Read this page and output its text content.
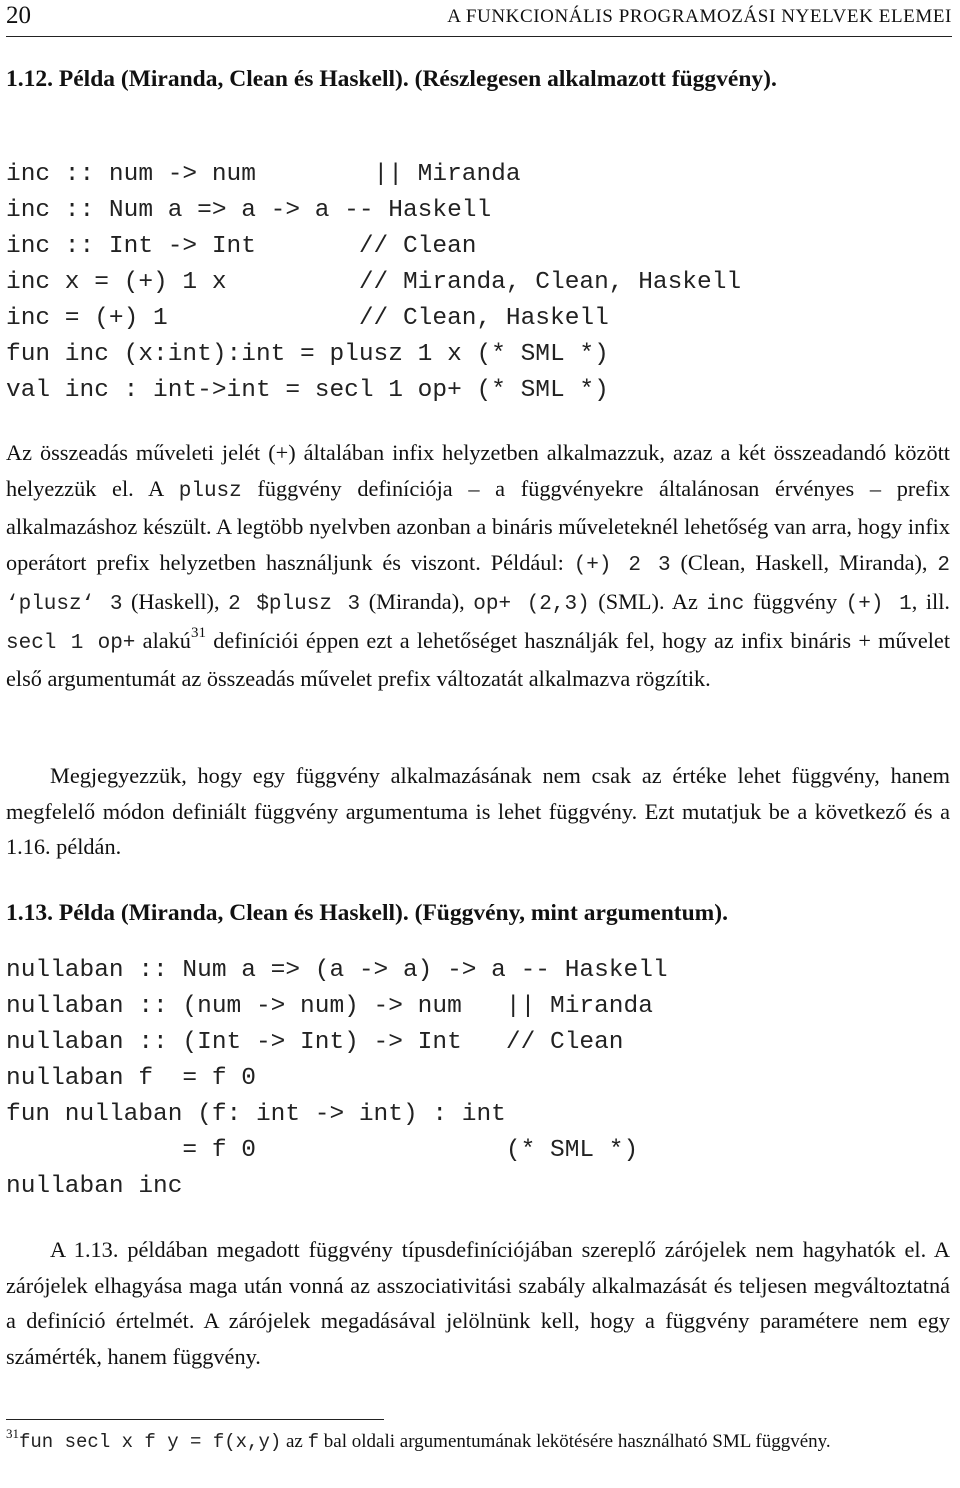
20	A FUNKCIONÁLIS PROGRAMOZÁSI NYELVEK ELEMEI
1.12. Példa (Miranda, Clean és Haskell). (Részlegesen alkalmazott függvény).
inc :: num -> num        || Miranda
inc :: Num a => a -> a -- Haskell
inc :: Int -> Int       // Clean
inc x = (+) 1 x         // Miranda, Clean, Haskell
inc = (+) 1             // Clean, Haskell
fun inc (x:int):int = plusz 1 x (* SML *)
val inc : int->int = secl 1 op+ (* SML *)

Az összeadás műveleti jelét (+) általában infix helyzetben alkalmazzuk, azaz a két összeadandó között helyezzük el. A plusz függvény definíciója – a függvényekre általánosan érvényes – prefix alkalmazáshoz készült. A legtöbb nyelvben azonban a bináris műveleteknél lehetőség van arra, hogy infix operátort prefix helyzetben használjunk és viszont. Például: (+) 2 3 (Clean, Haskell, Miranda), 2 ‘plusz‘ 3 (Haskell), 2 $plusz 3 (Miranda), op+ (2,3) (SML). Az inc függvény (+) 1, ill. secl 1 op+ alakú$^{31}$ definíciói éppen ezt a lehetőséget használják fel, hogy az infix bináris + művelet első argumentumát az összeadás művelet prefix változatát alkalmazva rögzítik.

Megjegyezzük, hogy egy függvény alkalmazásának nem csak az értéke lehet függvény, hanem megfelelő módon definiált függvény argumentuma is lehet függvény. Ezt mutatjuk be a következő és a 1.16. példán.

1.13. Példa (Miranda, Clean és Haskell). (Függvény, mint argumentum).
nullaban :: Num a => (a -> a) -> a -- Haskell
nullaban :: (num -> num) -> num   || Miranda
nullaban :: (Int -> Int) -> Int   // Clean
nullaban f  = f 0
fun nullaban (f: int -> int) : int
= f 0                 (* SML *)
nullaban inc

A 1.13. példában megadott függvény típusdefiníciójában szereplő zárójelek nem hagyhatók el. A zárójelek elhagyása maga után vonná az asszociativitási szabály alkalmazását és teljesen megváltoztatná a definíció értelmét. A zárójelek megadásával jelölnünk kell, hogy a függvény paramétere nem egy számérték, hanem függvény.

$^{31}$fun secl x f y = f(x,y) az f bal oldali argumentumának lekötésére használható SML függvény.
